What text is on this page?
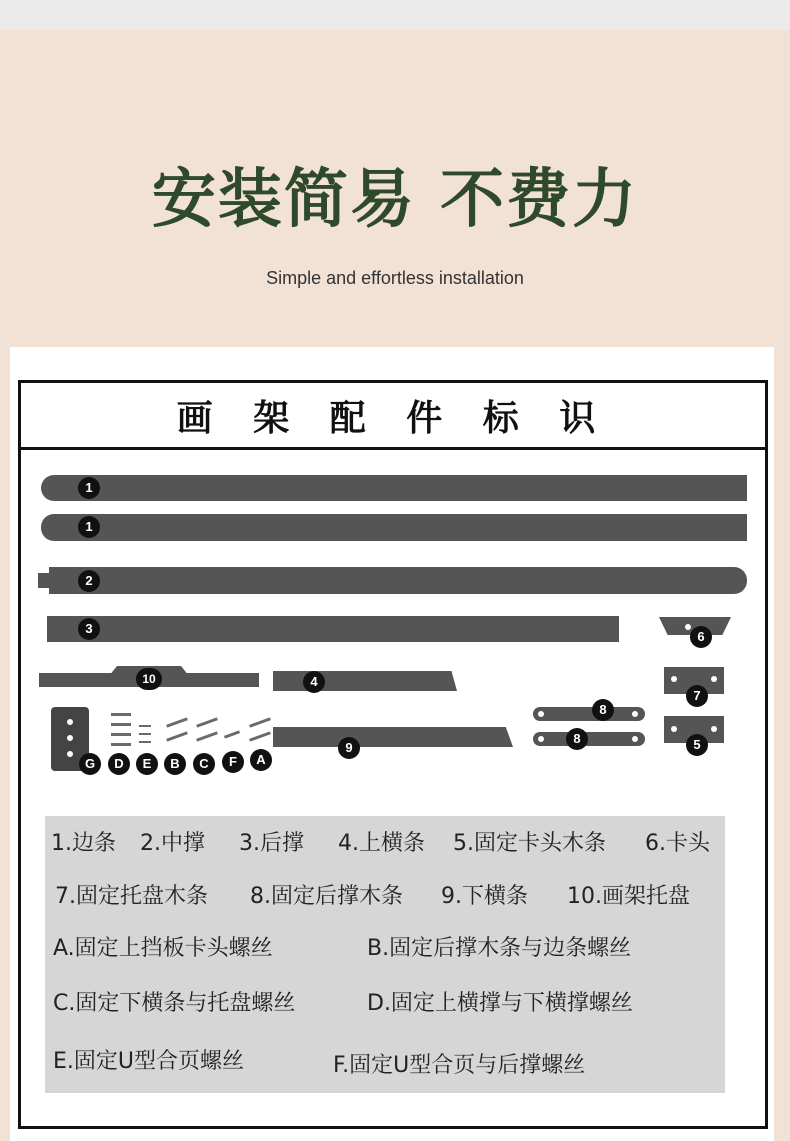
安装简易 不费力
Simple and effortless installation
画 架 配 件 标 识
1
1
2
3
6
10	4
7
9
8
8	5
G	D	E	B	C	F	A
1.边条 2.中撑 3.后撑 4.上横条 5.固定卡头木条 6.卡头
7.固定托盘木条 8.固定后撑木条 9.下横条 10.画架托盘
A.固定上挡板卡头螺丝	B.固定后撑木条与边条螺丝
C.固定下横条与托盘螺丝	D.固定上横撑与下横撑螺丝
E.固定U型合页螺丝	F.固定U型合页与后撑螺丝
